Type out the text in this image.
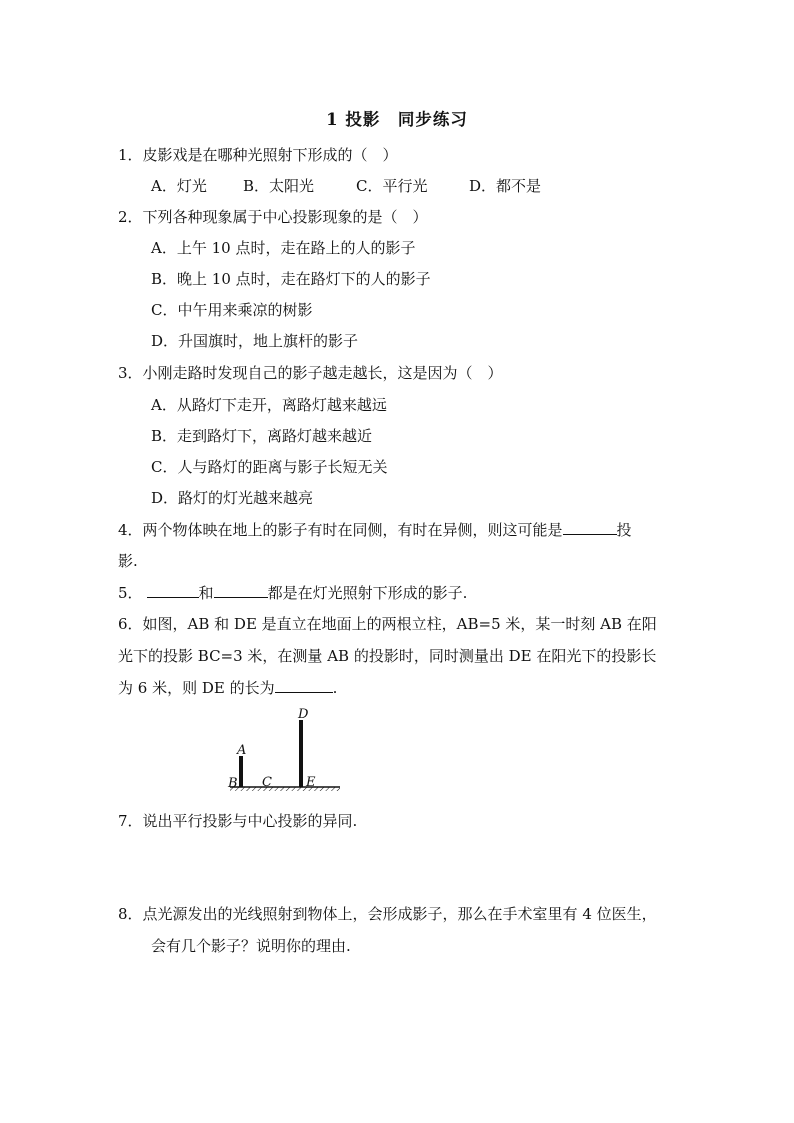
1 投影　同步练习
1．皮影戏是在哪种光照射下形成的（　）
A．灯光 B．太阳光	C．平行光	D．都不是
2．下列各种现象属于中心投影现象的是（　）
A．上午 10 点时，走在路上的人的影子
B．晚上 10 点时，走在路灯下的人的影子
C．中午用来乘凉的树影
D．升国旗时，地上旗杆的影子
3．小刚走路时发现自己的影子越走越长，这是因为（　）
A．从路灯下走开，离路灯越来越远
B．走到路灯下，离路灯越来越近
C．人与路灯的距离与影子长短无关
D．路灯的灯光越来越亮
4．两个物体映在地上的影子有时在同侧，有时在异侧，则这可能是	投
影.
5．	和	都是在灯光照射下形成的影子.
6．如图，AB 和 DE 是直立在地面上的两根立柱，AB=5 米，某一时刻 AB 在阳
光下的投影 BC=3 米，在测量 AB 的投影时，同时测量出 DE 在阳光下的投影长
为 6 米，则 DE 的长为	.
A
B C
D
E
7．说出平行投影与中心投影的异同.
8．点光源发出的光线照射到物体上，会形成影子，那么在手术室里有 4 位医生，
会有几个影子？说明你的理由.
